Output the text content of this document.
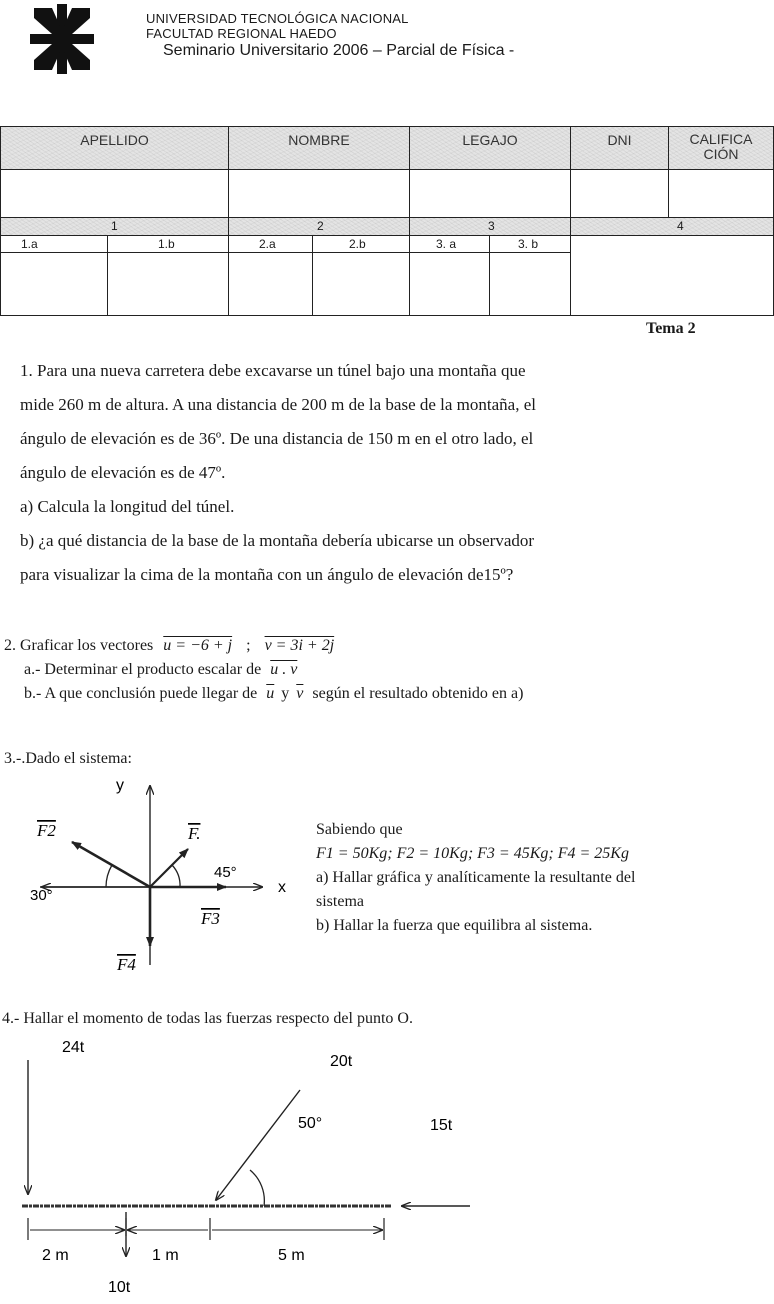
UNIVERSIDAD TECNOLÓGICA NACIONAL
FACULTAD REGIONAL HAEDO
Seminario Universitario 2006 – Parcial de Física -
APELLIDO	NOMBRE	LEGAJO	DNI	CALIFICA
CIÓN
1	2	3	4
1.a	1.b	2.a	2.b	3. a	3. b
Tema 2
1. Para una nueva carretera debe excavarse un túnel bajo una montaña que
mide 260 m de altura. A una distancia de 200 m de la base de la montaña, el
ángulo de elevación es de 36º. De una distancia de 150 m en el otro lado, el
ángulo de elevación es de 47º.
a) Calcula la longitud del túnel.
b) ¿a qué distancia de la base de la montaña debería ubicarse un observador
para visualizar la cima de la montaña con un ángulo de elevación de15º?
2. Graficar los vectores u = −6 + j ; v = 3i + 2j
a.- Determinar el producto escalar de u . v
b.- A que conclusión puede llegar de $\overline{u}$ y $\overline{v}$ según el resultado obtenido en a)
3.-.Dado el sistema:
y
x
30°
45°
F2	F.
F3
F4
Sabiendo que
F1 = 50Kg; F2 = 10Kg; F3 = 45Kg; F4 = 25Kg
a) Hallar gráfica y analíticamente la resultante del
sistema
b) Hallar la fuerza que equilibra al sistema.
4.- Hallar el momento de todas las fuerzas respecto del punto O.
24t
20t
50°	15t
2 m	1 m	5 m
10t
